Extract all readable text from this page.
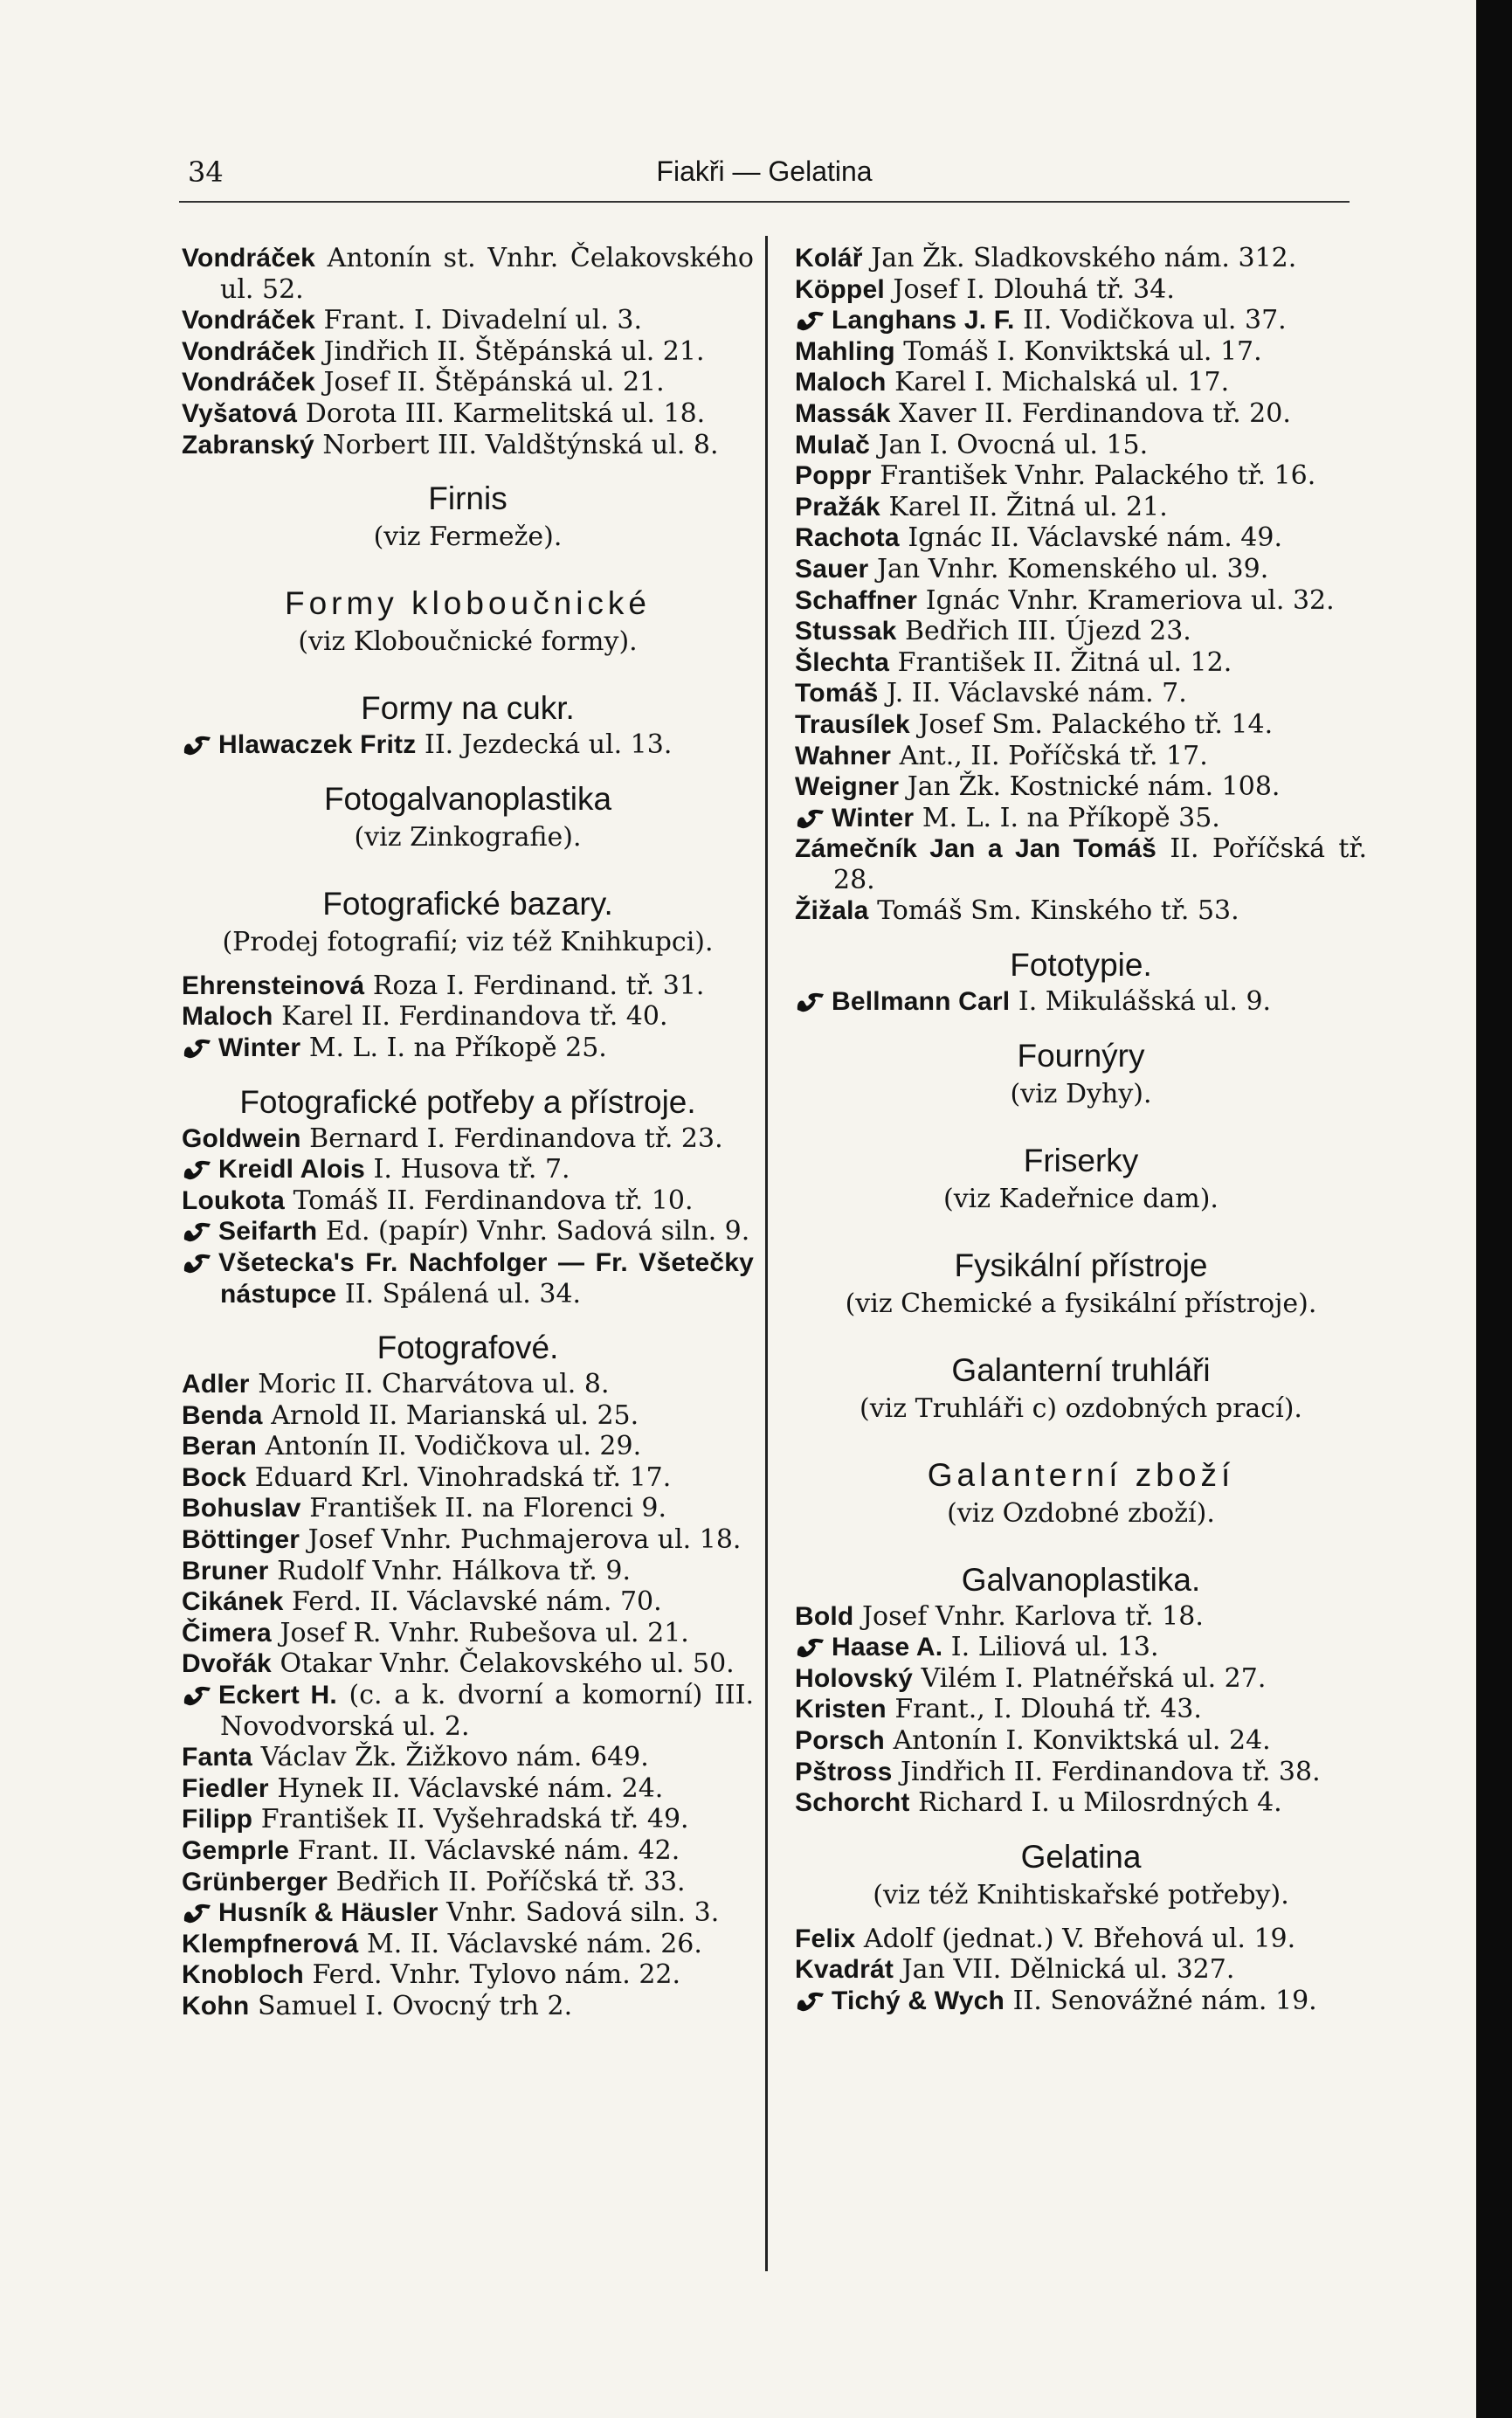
34	Fiakři — Gelatina
Vondráček Antonín st. Vnhr. Čelakovského ul. 52.
Vondráček Frant. I. Divadelní ul. 3.
Vondráček Jindřich II. Štěpánská ul. 21.
Vondráček Josef II. Štěpánská ul. 21.
Vyšatová Dorota III. Karmelitská ul. 18.
Zabranský Norbert III. Valdštýnská ul. 8.
Firnis
(viz Fermeže).
Formy kloboučnické
(viz Kloboučnické formy).
Formy na cukr.
Hlawaczek Fritz II. Jezdecká ul. 13.
Fotogalvanoplastika
(viz Zinkografie).
Fotografické bazary.
(Prodej fotografií; viz též Knihkupci).
Ehrensteinová Roza I. Ferdinand. tř. 31.
Maloch Karel II. Ferdinandova tř. 40.
Winter M. L. I. na Příkopě 25.
Fotografické potřeby a přístroje.
Goldwein Bernard I. Ferdinandova tř. 23.
Kreidl Alois I. Husova tř. 7.
Loukota Tomáš II. Ferdinandova tř. 10.
Seifarth Ed. (papír) Vnhr. Sadová siln. 9.
Všetecka's Fr. Nachfolger — Fr. Všetečky nástupce II. Spálená ul. 34.
Fotografové.
Adler Moric II. Charvátova ul. 8.
Benda Arnold II. Marianská ul. 25.
Beran Antonín II. Vodičkova ul. 29.
Bock Eduard Krl. Vinohradská tř. 17.
Bohuslav František II. na Florenci 9.
Böttinger Josef Vnhr. Puchmajerova ul. 18.
Bruner Rudolf Vnhr. Hálkova tř. 9.
Cikánek Ferd. II. Václavské nám. 70.
Čimera Josef R. Vnhr. Rubešova ul. 21.
Dvořák Otakar Vnhr. Čelakovského ul. 50.
Eckert H. (c. a k. dvorní a komorní) III. Novodvorská ul. 2.
Fanta Václav Žk. Žižkovo nám. 649.
Fiedler Hynek II. Václavské nám. 24.
Filipp František II. Vyšehradská tř. 49.
Gemprle Frant. II. Václavské nám. 42.
Grünberger Bedřich II. Poříčská tř. 33.
Husník & Häusler Vnhr. Sadová siln. 3.
Klempfnerová M. II. Václavské nám. 26.
Knobloch Ferd. Vnhr. Tylovo nám. 22.
Kohn Samuel I. Ovocný trh 2.
Kolář Jan Žk. Sladkovského nám. 312.
Köppel Josef I. Dlouhá tř. 34.
Langhans J. F. II. Vodičkova ul. 37.
Mahling Tomáš I. Konviktská ul. 17.
Maloch Karel I. Michalská ul. 17.
Massák Xaver II. Ferdinandova tř. 20.
Mulač Jan I. Ovocná ul. 15.
Poppr František Vnhr. Palackého tř. 16.
Pražák Karel II. Žitná ul. 21.
Rachota Ignác II. Václavské nám. 49.
Sauer Jan Vnhr. Komenského ul. 39.
Schaffner Ignác Vnhr. Krameriova ul. 32.
Stussak Bedřich III. Újezd 23.
Šlechta František II. Žitná ul. 12.
Tomáš J. II. Václavské nám. 7.
Trausílek Josef Sm. Palackého tř. 14.
Wahner Ant., II. Poříčská tř. 17.
Weigner Jan Žk. Kostnické nám. 108.
Winter M. L. I. na Příkopě 35.
Zámečník Jan a Jan Tomáš II. Poříčská tř. 28.
Žižala Tomáš Sm. Kinského tř. 53.
Fototypie.
Bellmann Carl I. Mikulášská ul. 9.
Fournýry
(viz Dyhy).
Friserky
(viz Kadeřnice dam).
Fysikální přístroje
(viz Chemické a fysikální přístroje).
Galanterní truhláři
(viz Truhláři c) ozdobných prací).
Galanterní zboží
(viz Ozdobné zboží).
Galvanoplastika.
Bold Josef Vnhr. Karlova tř. 18.
Haase A. I. Liliová ul. 13.
Holovský Vilém I. Platnéřská ul. 27.
Kristen Frant., I. Dlouhá tř. 43.
Porsch Antonín I. Konviktská ul. 24.
Pštross Jindřich II. Ferdinandova tř. 38.
Schorcht Richard I. u Milosrdných 4.
Gelatina
(viz též Knihtiskařské potřeby).
Felix Adolf (jednat.) V. Břehová ul. 19.
Kvadrát Jan VII. Dělnická ul. 327.
Tichý & Wych II. Senovážné nám. 19.
